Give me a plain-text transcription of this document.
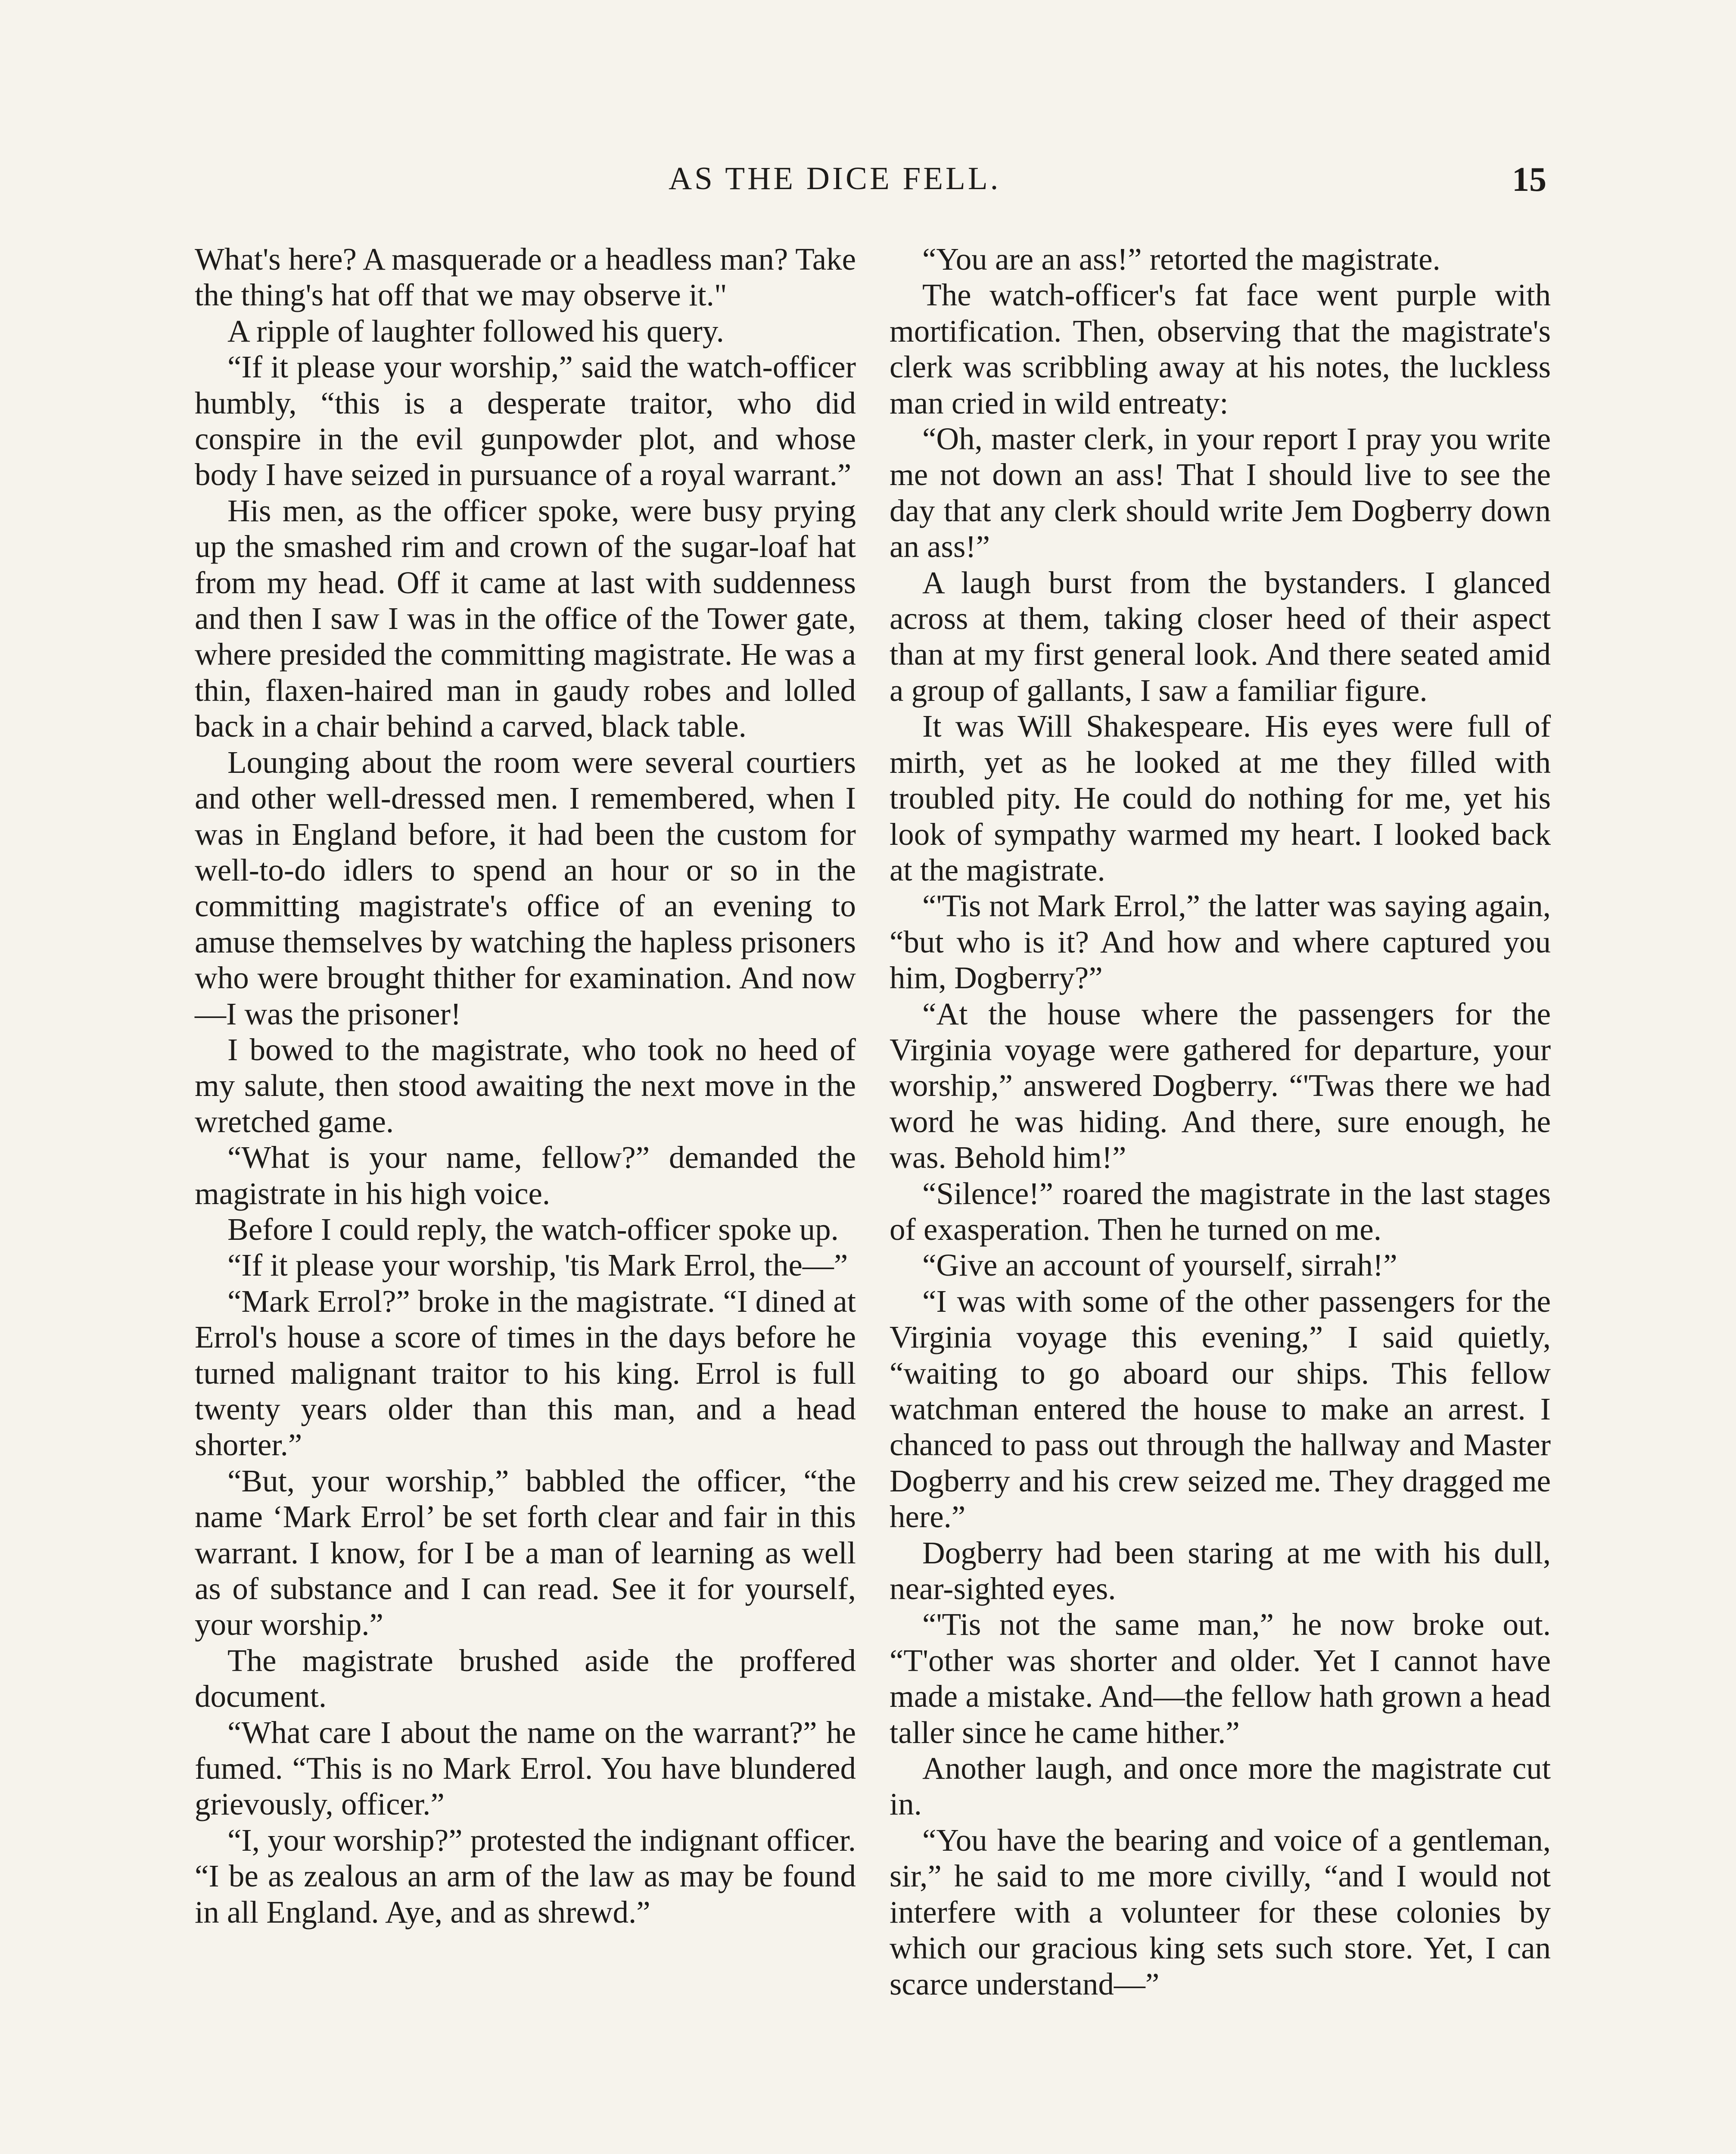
AS THE DICE FELL.	15

What's here? A masquerade or a headless man? Take the thing's hat off that we may observe it."

A ripple of laughter followed his query.

“If it please your worship,” said the watch-officer humbly, “this is a desperate traitor, who did conspire in the evil gunpowder plot, and whose body I have seized in pursuance of a royal warrant.”

His men, as the officer spoke, were busy prying up the smashed rim and crown of the sugar-loaf hat from my head. Off it came at last with suddenness and then I saw I was in the office of the Tower gate, where presided the committing magistrate. He was a thin, flaxen-haired man in gaudy robes and lolled back in a chair behind a carved, black table.

Lounging about the room were several courtiers and other well-dressed men. I remembered, when I was in England before, it had been the custom for well-to-do idlers to spend an hour or so in the committing magistrate's office of an evening to amuse themselves by watching the hapless prisoners who were brought thither for examination. And now—I was the prisoner!

I bowed to the magistrate, who took no heed of my salute, then stood awaiting the next move in the wretched game.

“What is your name, fellow?” demanded the magistrate in his high voice.

Before I could reply, the watch-officer spoke up.

“If it please your worship, 'tis Mark Errol, the—”

“Mark Errol?” broke in the magistrate. “I dined at Errol's house a score of times in the days before he turned malignant traitor to his king. Errol is full twenty years older than this man, and a head shorter.”

“But, your worship,” babbled the officer, “the name ‘Mark Errol’ be set forth clear and fair in this warrant. I know, for I be a man of learning as well as of substance and I can read. See it for yourself, your worship.”

The magistrate brushed aside the proffered document.

“What care I about the name on the warrant?” he fumed. “This is no Mark Errol. You have blundered grievously, officer.”

“I, your worship?” protested the indignant officer. “I be as zealous an arm of the law as may be found in all England. Aye, and as shrewd.”

“You are an ass!” retorted the magistrate.

The watch-officer's fat face went purple with mortification. Then, observing that the magistrate's clerk was scribbling away at his notes, the luckless man cried in wild entreaty:

“Oh, master clerk, in your report I pray you write me not down an ass! That I should live to see the day that any clerk should write Jem Dogberry down an ass!”

A laugh burst from the bystanders. I glanced across at them, taking closer heed of their aspect than at my first general look. And there seated amid a group of gallants, I saw a familiar figure.

It was Will Shakespeare. His eyes were full of mirth, yet as he looked at me they filled with troubled pity. He could do nothing for me, yet his look of sympathy warmed my heart. I looked back at the magistrate.

“'Tis not Mark Errol,” the latter was saying again, “but who is it? And how and where captured you him, Dogberry?”

“At the house where the passengers for the Virginia voyage were gathered for departure, your worship,” answered Dogberry. “'Twas there we had word he was hiding. And there, sure enough, he was. Behold him!”

“Silence!” roared the magistrate in the last stages of exasperation. Then he turned on me.

“Give an account of yourself, sirrah!”

“I was with some of the other passengers for the Virginia voyage this evening,” I said quietly, “waiting to go aboard our ships. This fellow watchman entered the house to make an arrest. I chanced to pass out through the hallway and Master Dogberry and his crew seized me. They dragged me here.”

Dogberry had been staring at me with his dull, near-sighted eyes.

“'Tis not the same man,” he now broke out. “T'other was shorter and older. Yet I cannot have made a mistake. And—the fellow hath grown a head taller since he came hither.”

Another laugh, and once more the magistrate cut in.

“You have the bearing and voice of a gentleman, sir,” he said to me more civilly, “and I would not interfere with a volunteer for these colonies by which our gracious king sets such store. Yet, I can scarce understand—”
